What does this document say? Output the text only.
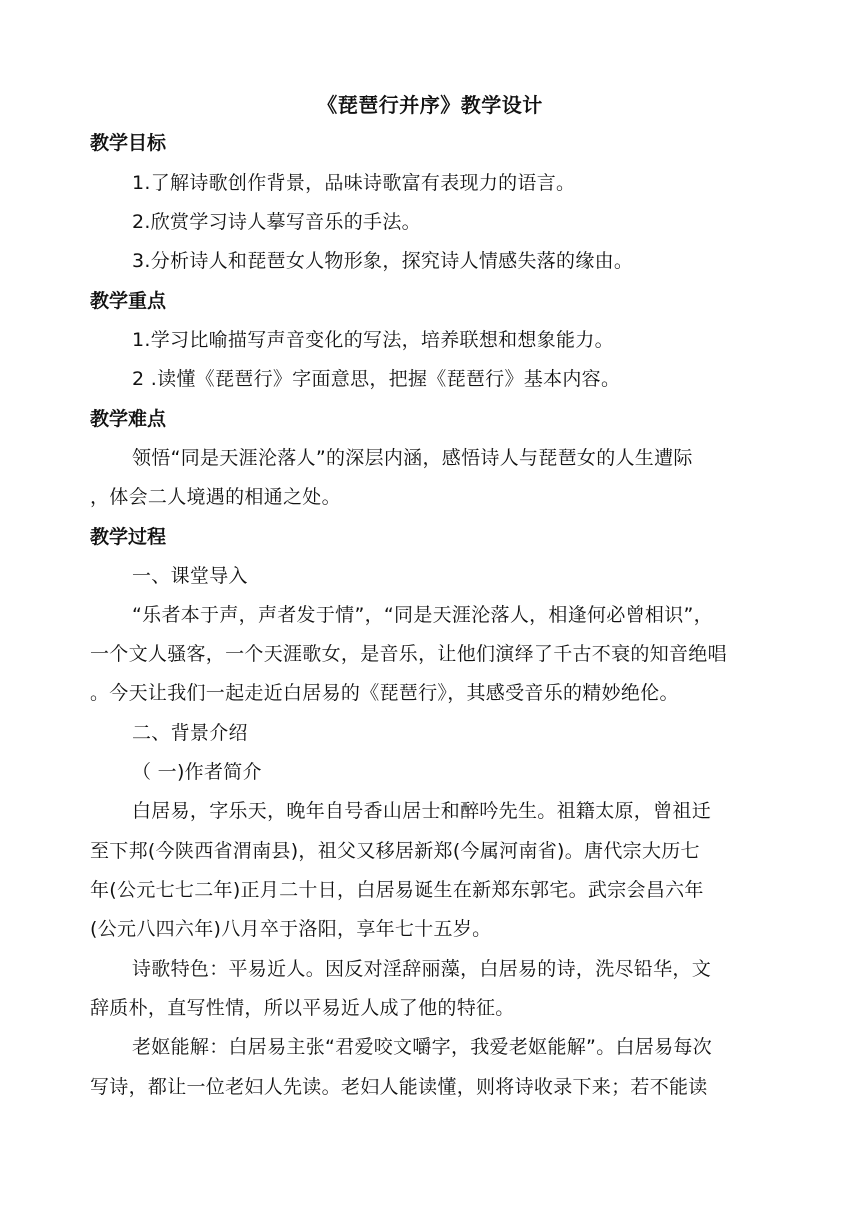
《琵琶行并序》教学设计
教学目标
1.了解诗歌创作背景，品味诗歌富有表现力的语言。
2.欣赏学习诗人摹写音乐的手法。
3.分析诗人和琵琶女人物形象，探究诗人情感失落的缘由。
教学重点
1.学习比喻描写声音变化的写法，培养联想和想象能力。
2 .读懂《琵琶行》字面意思，把握《琵琶行》基本内容。
教学难点
领悟“同是天涯沦落人”的深层内涵，感悟诗人与琵琶女的人生遭际
，体会二人境遇的相通之处。
教学过程
一、课堂导入
“乐者本于声，声者发于情”，“同是天涯沦落人，相逢何必曾相识”，
一个文人骚客，一个天涯歌女，是音乐，让他们演绎了千古不衰的知音绝唱
。今天让我们一起走近白居易的《琵琶行》，其感受音乐的精妙绝伦。
二、背景介绍
（ 一)作者简介
白居易，字乐天，晚年自号香山居士和醉吟先生。祖籍太原，曾祖迁
至下邦(今陕西省渭南县)，祖父又移居新郑(今属河南省)。唐代宗大历七
年(公元七七二年)正月二十日，白居易诞生在新郑东郭宅。武宗会昌六年
(公元八四六年)八月卒于洛阳，享年七十五岁。
诗歌特色：平易近人。因反对淫辞丽藻，白居易的诗，洗尽铅华，文
辞质朴，直写性情，所以平易近人成了他的特征。
老妪能解：白居易主张“君爱咬文嚼字，我爱老妪能解”。白居易每次
写诗，都让一位老妇人先读。老妇人能读懂，则将诗收录下来；若不能读
